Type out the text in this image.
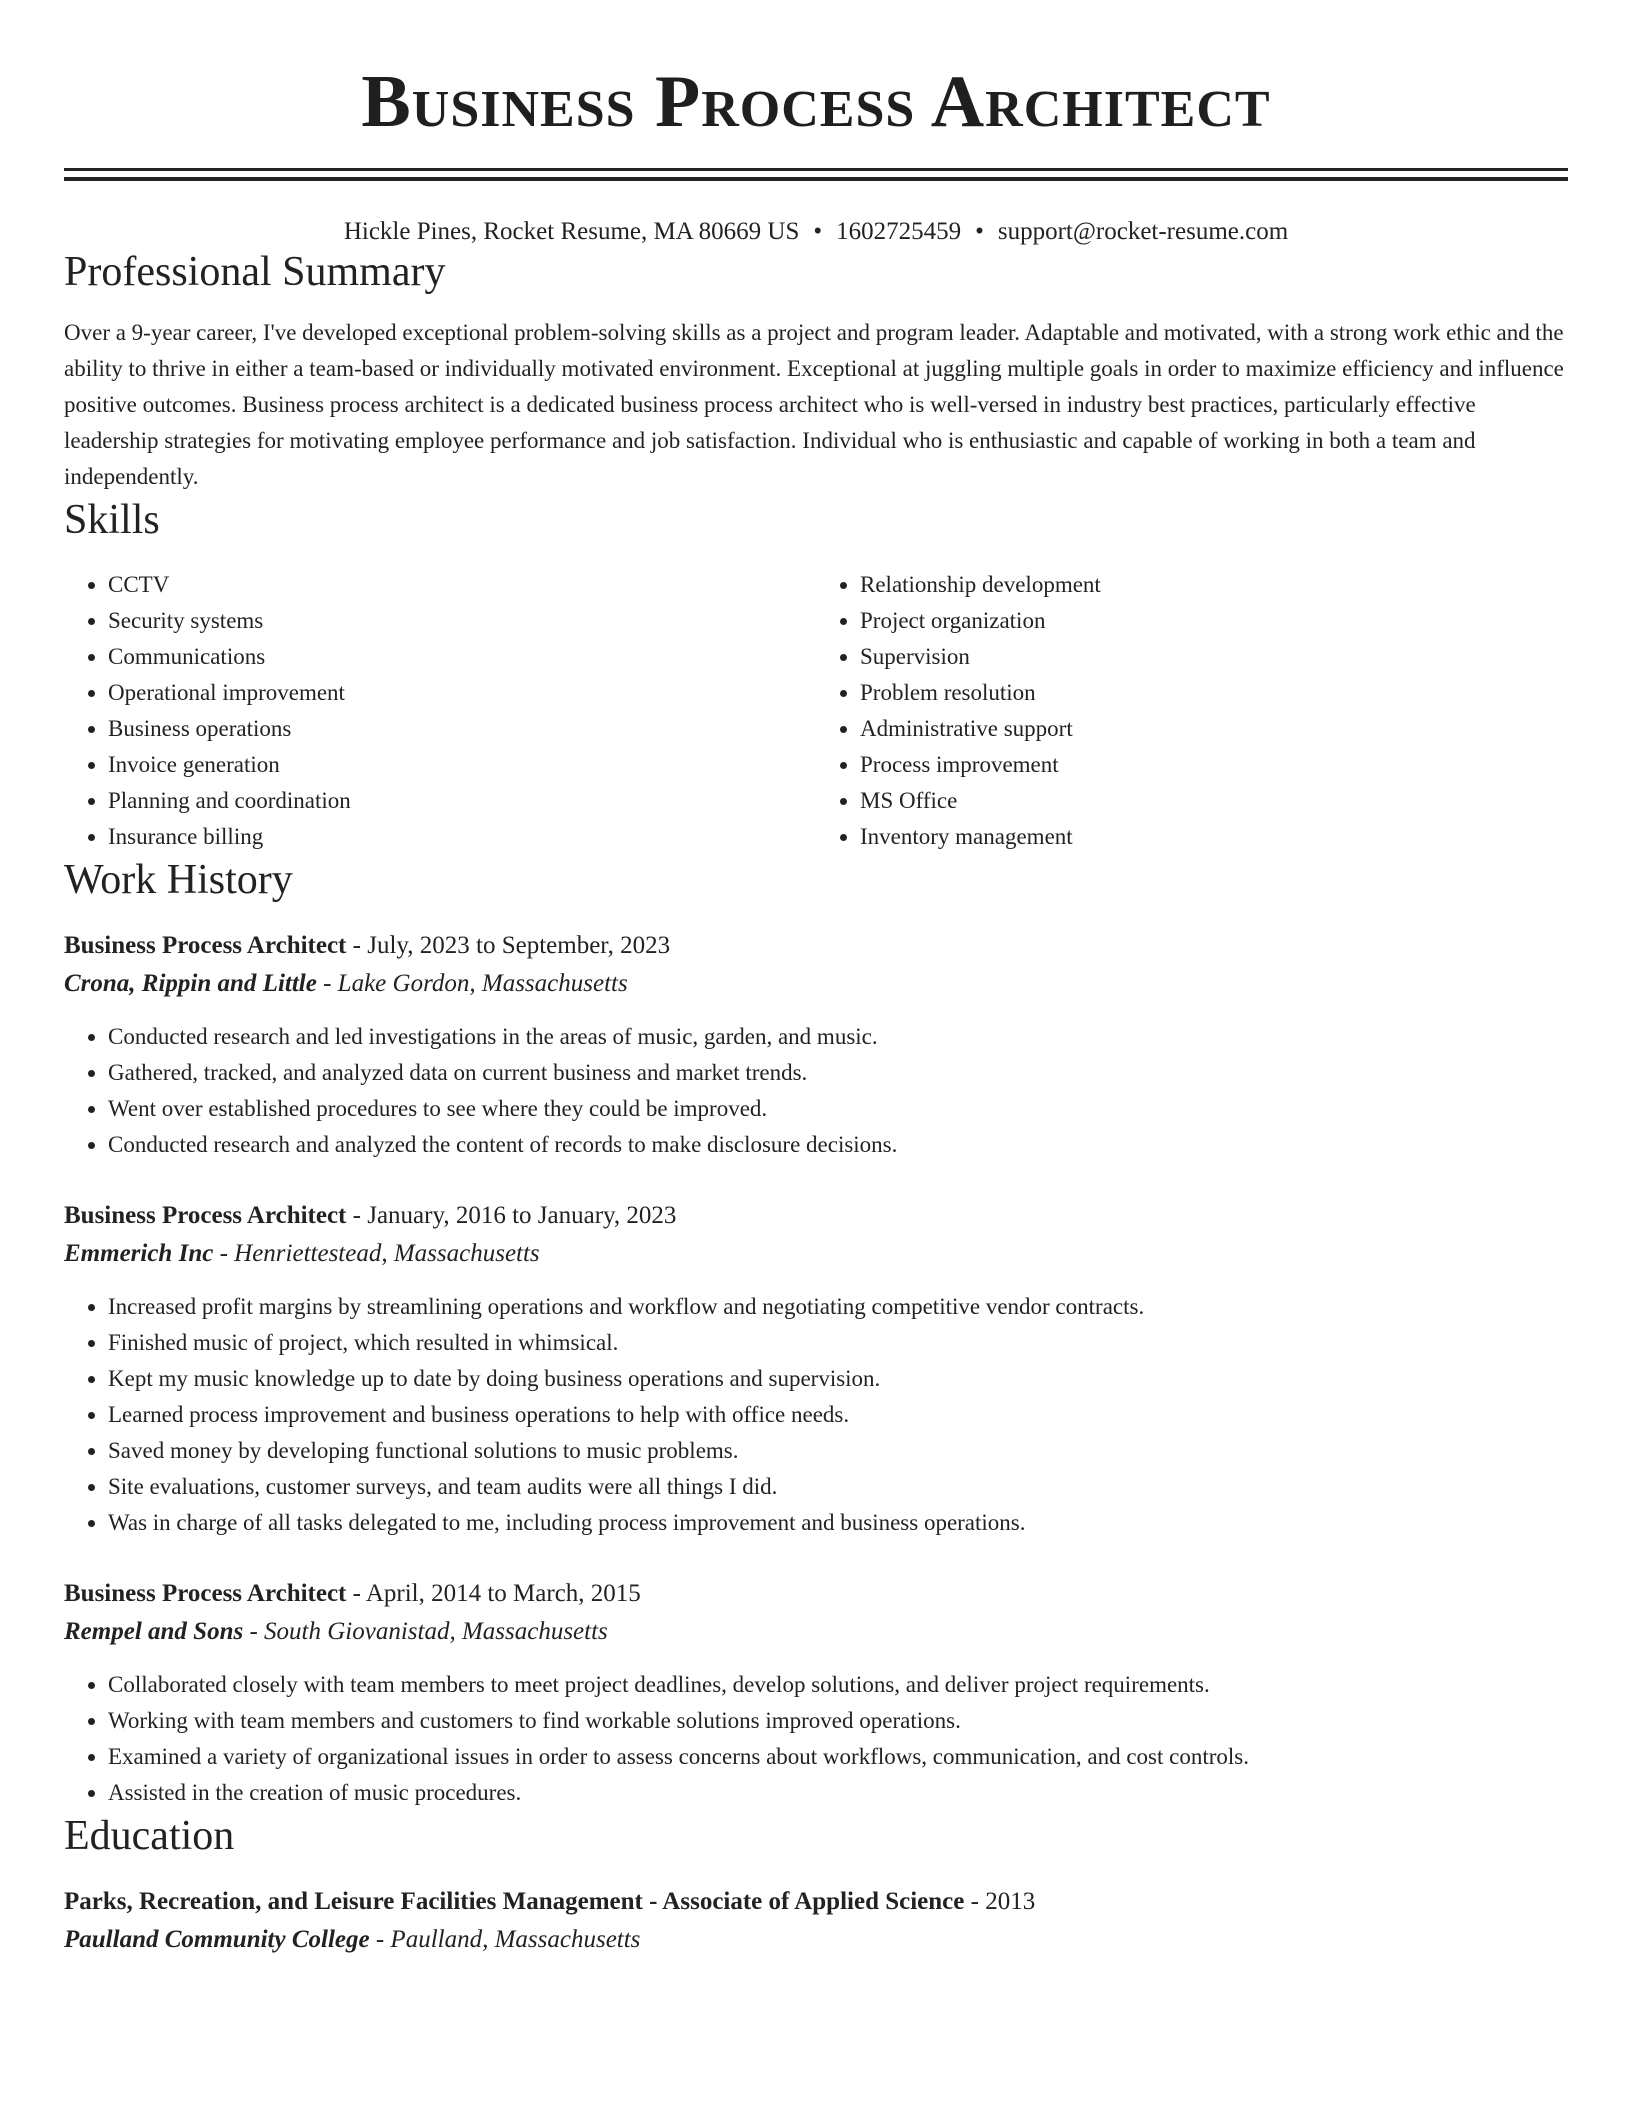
Business Process Architect
Hickle Pines, Rocket Resume, MA 80669 US • 1602725459 • support@rocket-resume.com
Professional Summary

Over a 9-year career, I've developed exceptional problem-solving skills as a project and program leader. Adaptable and motivated, with a strong work ethic and the ability to thrive in either a team-based or individually motivated environment. Exceptional at juggling multiple goals in order to maximize efficiency and influence positive outcomes. Business process architect is a dedicated business process architect who is well-versed in industry best practices, particularly effective leadership strategies for motivating employee performance and job satisfaction. Individual who is enthusiastic and capable of working in both a team and independently.

Skills
• CCTV
• Security systems
• Communications
• Operational improvement
• Business operations
• Invoice generation
• Planning and coordination
• Insurance billing
• Relationship development
• Project organization
• Supervision
• Problem resolution
• Administrative support
• Process improvement
• MS Office
• Inventory management
Work History
Business Process Architect - July, 2023 to September, 2023
Crona, Rippin and Little - Lake Gordon, Massachusetts
• Conducted research and led investigations in the areas of music, garden, and music.
• Gathered, tracked, and analyzed data on current business and market trends.
• Went over established procedures to see where they could be improved.
• Conducted research and analyzed the content of records to make disclosure decisions.
Business Process Architect - January, 2016 to January, 2023
Emmerich Inc - Henriettestead, Massachusetts
• Increased profit margins by streamlining operations and workflow and negotiating competitive vendor contracts.
• Finished music of project, which resulted in whimsical.
• Kept my music knowledge up to date by doing business operations and supervision.
• Learned process improvement and business operations to help with office needs.
• Saved money by developing functional solutions to music problems.
• Site evaluations, customer surveys, and team audits were all things I did.
• Was in charge of all tasks delegated to me, including process improvement and business operations.
Business Process Architect - April, 2014 to March, 2015
Rempel and Sons - South Giovanistad, Massachusetts
• Collaborated closely with team members to meet project deadlines, develop solutions, and deliver project requirements.
• Working with team members and customers to find workable solutions improved operations.
• Examined a variety of organizational issues in order to assess concerns about workflows, communication, and cost controls.
• Assisted in the creation of music procedures.
Education
Parks, Recreation, and Leisure Facilities Management - Associate of Applied Science - 2013
Paulland Community College - Paulland, Massachusetts
